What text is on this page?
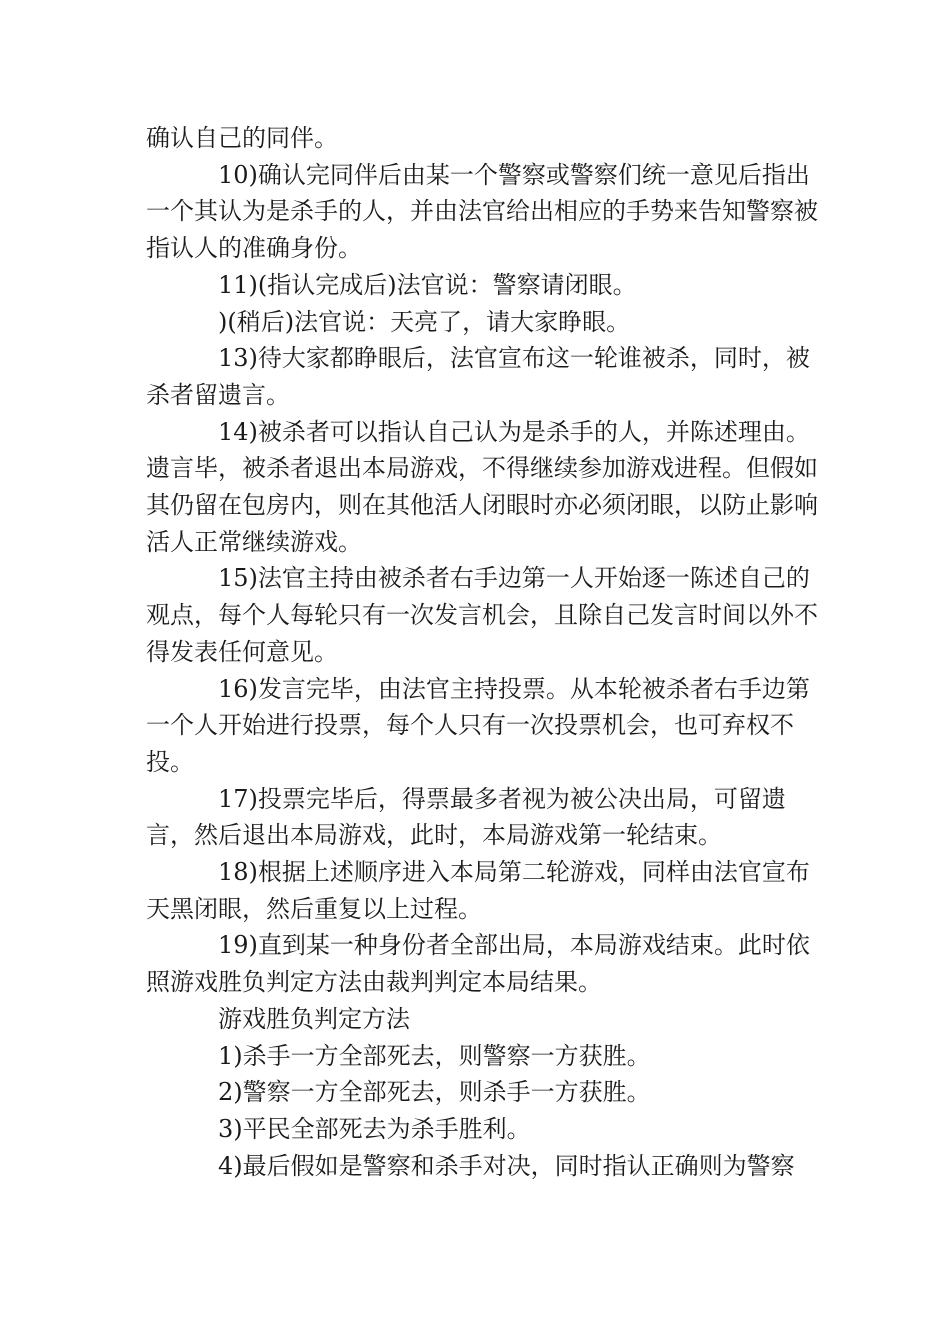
确认自己的同伴。

10)确认完同伴后由某一个警察或警察们统一意见后指出一个其认为是杀手的人，并由法官给出相应的手势来告知警察被指认人的准确身份。

11)(指认完成后)法官说：警察请闭眼。

)(稍后)法官说：天亮了，请大家睁眼。

13)待大家都睁眼后，法官宣布这一轮谁被杀，同时，被杀者留遗言。

14)被杀者可以指认自己认为是杀手的人，并陈述理由。遗言毕，被杀者退出本局游戏，不得继续参加游戏进程。但假如其仍留在包房内，则在其他活人闭眼时亦必须闭眼，以防止影响活人正常继续游戏。

15)法官主持由被杀者右手边第一人开始逐一陈述自己的观点，每个人每轮只有一次发言机会，且除自己发言时间以外不得发表任何意见。

16)发言完毕，由法官主持投票。从本轮被杀者右手边第一个人开始进行投票，每个人只有一次投票机会，也可弃权不投。

17)投票完毕后，得票最多者视为被公决出局，可留遗言，然后退出本局游戏，此时，本局游戏第一轮结束。

18)根据上述顺序进入本局第二轮游戏，同样由法官宣布天黑闭眼，然后重复以上过程。

19)直到某一种身份者全部出局，本局游戏结束。此时依照游戏胜负判定方法由裁判判定本局结果。

游戏胜负判定方法

1)杀手一方全部死去，则警察一方获胜。

2)警察一方全部死去，则杀手一方获胜。

3)平民全部死去为杀手胜利。

4)最后假如是警察和杀手对决，同时指认正确则为警察
